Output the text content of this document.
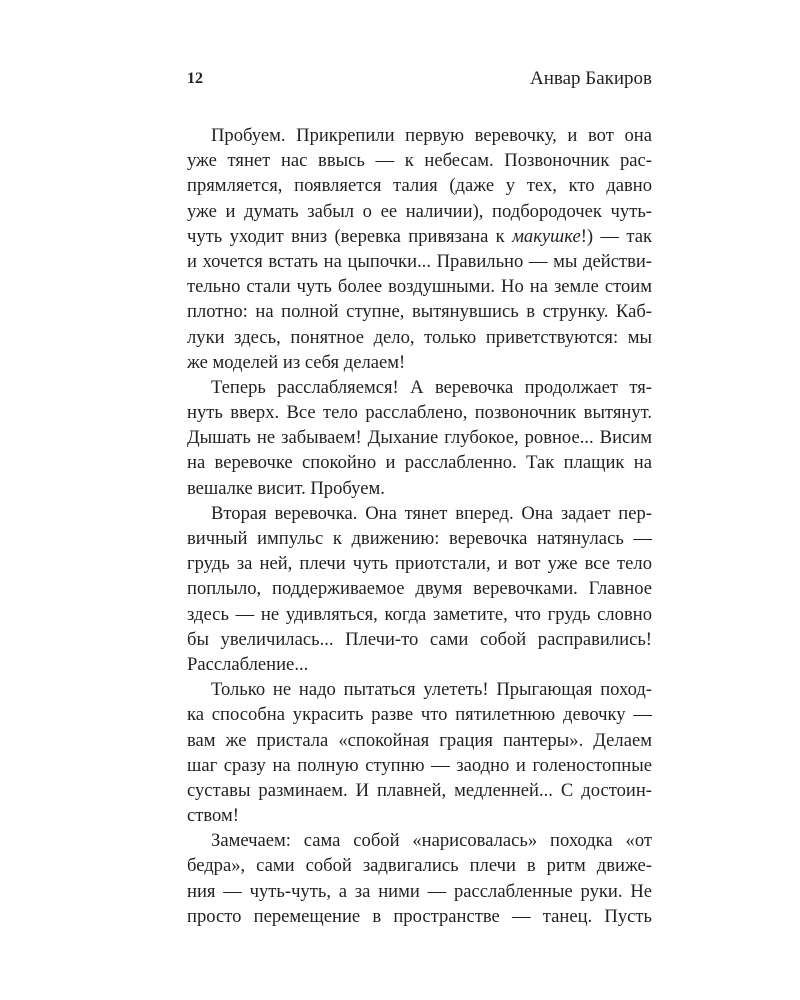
12	Анвар Бакиров
Пробуем. Прикрепили первую веревочку, и вот она
уже тянет нас ввысь — к небесам. Позвоночник рас-
прямляется, появляется талия (даже у тех, кто давно
уже и думать забыл о ее наличии), подбородочек чуть-
чуть уходит вниз (веревка привязана к макушке!) — так
и хочется встать на цыпочки... Правильно — мы действи-
тельно стали чуть более воздушными. Но на земле стоим
плотно: на полной ступне, вытянувшись в струнку. Каб-
луки здесь, понятное дело, только приветствуются: мы
же моделей из себя делаем!
Теперь расслабляемся! А веревочка продолжает тя-
нуть вверх. Все тело расслаблено, позвоночник вытянут.
Дышать не забываем! Дыхание глубокое, ровное... Висим
на веревочке спокойно и расслабленно. Так плащик на
вешалке висит. Пробуем.
Вторая веревочка. Она тянет вперед. Она задает пер-
вичный импульс к движению: веревочка натянулась —
грудь за ней, плечи чуть приотстали, и вот уже все тело
поплыло, поддерживаемое двумя веревочками. Главное
здесь — не удивляться, когда заметите, что грудь словно
бы увеличилась... Плечи-то сами собой расправились!
Расслабление...
Только не надо пытаться улететь! Прыгающая поход-
ка способна украсить разве что пятилетнюю девочку —
вам же пристала «спокойная грация пантеры». Делаем
шаг сразу на полную ступню — заодно и голеностопные
суставы разминаем. И плавней, медленней... С достоин-
ством!
Замечаем: сама собой «нарисовалась» походка «от
бедра», сами собой задвигались плечи в ритм движе-
ния — чуть-чуть, а за ними — расслабленные руки. Не
просто перемещение в пространстве — танец. Пусть
